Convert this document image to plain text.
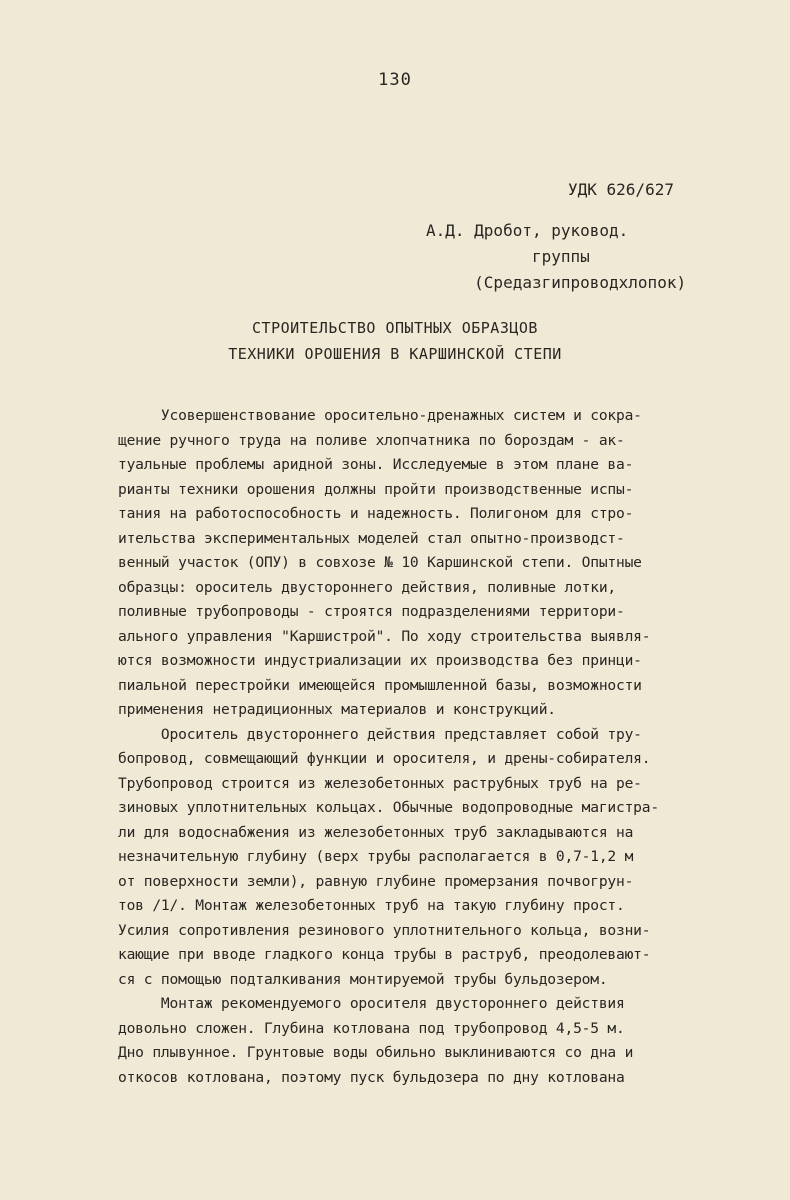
130
УДК 626/627
А.Д. Дробот, руковод.
группы
(Средазгипроводхлопок)
СТРОИТЕЛЬСТВО ОПЫТНЫХ ОБРАЗЦОВ
ТЕХНИКИ ОРОШЕНИЯ В КАРШИНСКОЙ СТЕПИ
Усовершенствование оросительно-дренажных систем и сокра-
щение ручного труда на поливе хлопчатника по бороздам - ак-
туальные проблемы аридной зоны. Исследуемые в этом плане ва-
рианты техники орошения должны пройти производственные испы-
тания на работоспособность и надежность. Полигоном для стро-
ительства экспериментальных моделей стал опытно-производст-
венный участок (ОПУ) в совхозе № 10 Каршинской степи. Опытные
образцы: ороситель двустороннего действия, поливные лотки,
поливные трубопроводы - строятся подразделениями территори-
ального управления "Каршистрой". По ходу строительства выявля-
ются возможности индустриализации их производства без принци-
пиальной перестройки имеющейся промышленной базы, возможности
применения нетрадиционных материалов и конструкций.
Ороситель двустороннего действия представляет собой тру-
бопровод, совмещающий функции и оросителя, и дрены-собирателя.
Трубопровод строится из железобетонных раструбных труб на ре-
зиновых уплотнительных кольцах. Обычные водопроводные магистра-
ли для водоснабжения из железобетонных труб закладываются на
незначительную глубину (верх трубы располагается в 0,7-1,2 м
от поверхности земли), равную глубине промерзания почвогрун-
тов /1/. Монтаж железобетонных труб на такую глубину прост.
Усилия сопротивления резинового уплотнительного кольца, возни-
кающие при вводе гладкого конца трубы в раструб, преодолевают-
ся с помощью подталкивания монтируемой трубы бульдозером.
Монтаж рекомендуемого оросителя двустороннего действия
довольно сложен. Глубина котлована под трубопровод 4,5-5 м.
Дно плывунное. Грунтовые воды обильно выклиниваются со дна и
откосов котлована, поэтому пуск бульдозера по дну котлована
